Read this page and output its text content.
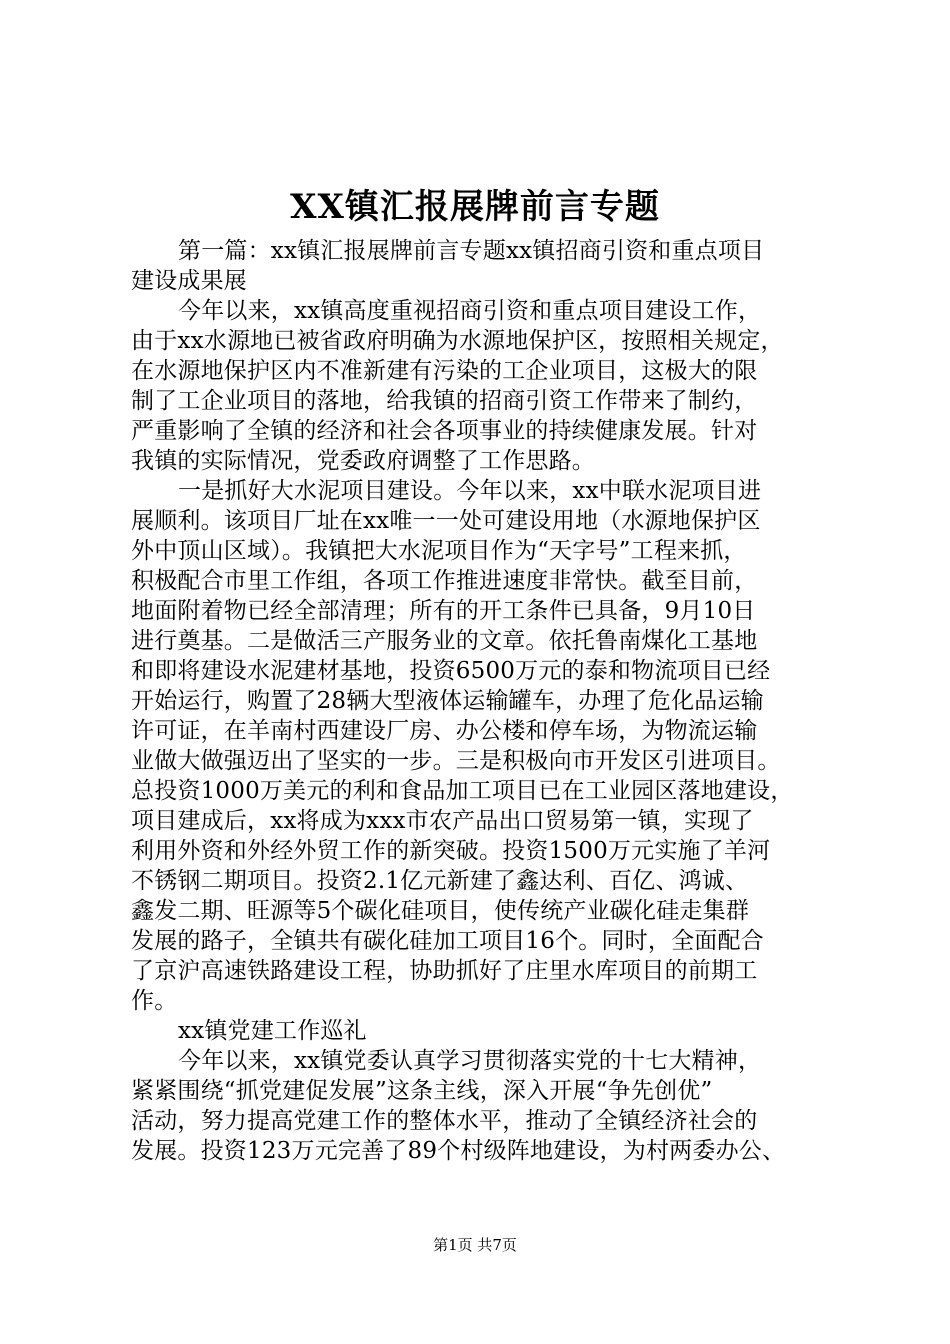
XX镇汇报展牌前言专题
第一篇：xx镇汇报展牌前言专题xx镇招商引资和重点项目
建设成果展
今年以来，xx镇高度重视招商引资和重点项目建设工作，
由于xx水源地已被省政府明确为水源地保护区，按照相关规定，
在水源地保护区内不准新建有污染的工企业项目，这极大的限
制了工企业项目的落地，给我镇的招商引资工作带来了制约，
严重影响了全镇的经济和社会各项事业的持续健康发展。针对
我镇的实际情况，党委政府调整了工作思路。
一是抓好大水泥项目建设。今年以来，xx中联水泥项目进
展顺利。该项目厂址在xx唯一一处可建设用地（水源地保护区
外中顶山区域）。我镇把大水泥项目作为“天字号”工程来抓，
积极配合市里工作组，各项工作推进速度非常快。截至目前，
地面附着物已经全部清理；所有的开工条件已具备，9月10日
进行奠基。二是做活三产服务业的文章。依托鲁南煤化工基地
和即将建设水泥建材基地，投资6500万元的泰和物流项目已经
开始运行，购置了28辆大型液体运输罐车，办理了危化品运输
许可证，在羊南村西建设厂房、办公楼和停车场，为物流运输
业做大做强迈出了坚实的一步。三是积极向市开发区引进项目。
总投资1000万美元的利和食品加工项目已在工业园区落地建设，
项目建成后，xx将成为xxx市农产品出口贸易第一镇，实现了
利用外资和外经外贸工作的新突破。投资1500万元实施了羊河
不锈钢二期项目。投资2.1亿元新建了鑫达利、百亿、鸿诚、
鑫发二期、旺源等5个碳化硅项目，使传统产业碳化硅走集群
发展的路子，全镇共有碳化硅加工项目16个。同时，全面配合
了京沪高速铁路建设工程，协助抓好了庄里水库项目的前期工
作。
xx镇党建工作巡礼
今年以来，xx镇党委认真学习贯彻落实党的十七大精神，
紧紧围绕“抓党建促发展”这条主线，深入开展“争先创优”
活动，努力提高党建工作的整体水平，推动了全镇经济社会的
发展。投资123万元完善了89个村级阵地建设，为村两委办公、
第1页 共7页
